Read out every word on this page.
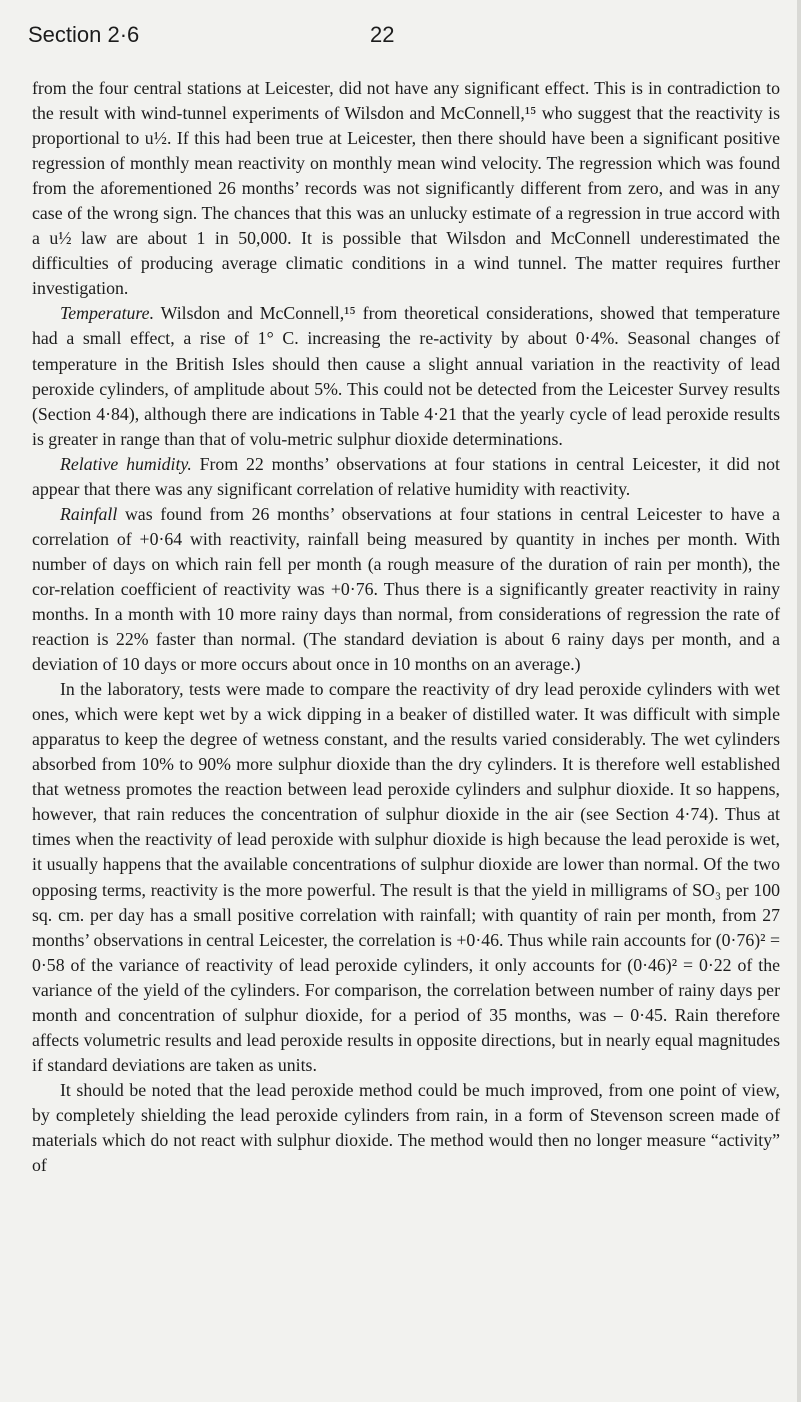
Section 2·6	22

from the four central stations at Leicester, did not have any significant effect. This is in contradiction to the result with wind-tunnel experiments of Wilsdon and McConnell,¹⁵ who suggest that the reactivity is proportional to u½. If this had been true at Leicester, then there should have been a significant positive regression of monthly mean reactivity on monthly mean wind velocity. The regression which was found from the aforementioned 26 months’ records was not significantly different from zero, and was in any case of the wrong sign. The chances that this was an unlucky estimate of a regression in true accord with a u½ law are about 1 in 50,000. It is possible that Wilsdon and McConnell underestimated the difficulties of producing average climatic conditions in a wind tunnel. The matter requires further investigation.

Temperature. Wilsdon and McConnell,¹⁵ from theoretical considerations, showed that temperature had a small effect, a rise of 1° C. increasing the re-activity by about 0·4%. Seasonal changes of temperature in the British Isles should then cause a slight annual variation in the reactivity of lead peroxide cylinders, of amplitude about 5%. This could not be detected from the Leicester Survey results (Section 4·84), although there are indications in Table 4·21 that the yearly cycle of lead peroxide results is greater in range than that of volu-metric sulphur dioxide determinations.

Relative humidity. From 22 months’ observations at four stations in central Leicester, it did not appear that there was any significant correlation of relative humidity with reactivity.

Rainfall was found from 26 months’ observations at four stations in central Leicester to have a correlation of +0·64 with reactivity, rainfall being measured by quantity in inches per month. With number of days on which rain fell per month (a rough measure of the duration of rain per month), the cor-relation coefficient of reactivity was +0·76. Thus there is a significantly greater reactivity in rainy months. In a month with 10 more rainy days than normal, from considerations of regression the rate of reaction is 22% faster than normal. (The standard deviation is about 6 rainy days per month, and a deviation of 10 days or more occurs about once in 10 months on an average.)

In the laboratory, tests were made to compare the reactivity of dry lead peroxide cylinders with wet ones, which were kept wet by a wick dipping in a beaker of distilled water. It was difficult with simple apparatus to keep the degree of wetness constant, and the results varied considerably. The wet cylinders absorbed from 10% to 90% more sulphur dioxide than the dry cylinders. It is therefore well established that wetness promotes the reaction between lead peroxide cylinders and sulphur dioxide. It so happens, however, that rain reduces the concentration of sulphur dioxide in the air (see Section 4·74). Thus at times when the reactivity of lead peroxide with sulphur dioxide is high because the lead peroxide is wet, it usually happens that the available concentrations of sulphur dioxide are lower than normal. Of the two opposing terms, reactivity is the more powerful. The result is that the yield in milligrams of SO₃ per 100 sq. cm. per day has a small positive correlation with rainfall; with quantity of rain per month, from 27 months’ observations in central Leicester, the correlation is +0·46. Thus while rain accounts for (0·76)² = 0·58 of the variance of reactivity of lead peroxide cylinders, it only accounts for (0·46)² = 0·22 of the variance of the yield of the cylinders. For comparison, the correlation between number of rainy days per month and concentration of sulphur dioxide, for a period of 35 months, was – 0·45. Rain therefore affects volumetric results and lead peroxide results in opposite directions, but in nearly equal magnitudes if standard deviations are taken as units.

It should be noted that the lead peroxide method could be much improved, from one point of view, by completely shielding the lead peroxide cylinders from rain, in a form of Stevenson screen made of materials which do not react with sulphur dioxide. The method would then no longer measure “activity” of
